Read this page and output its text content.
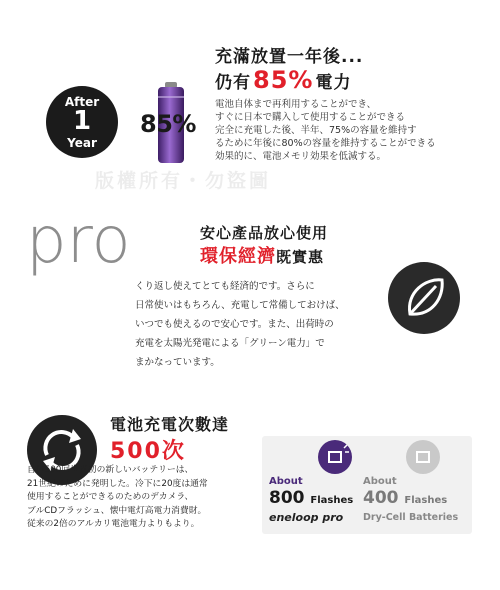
After
1
Year
85%
充滿放置一年後...
仍有85% 電力
電池自体まで再利用することができ、
すぐに日本で購入して使用することができる
完全に充電した後、半年、75%の容量を維持す
るために年後に80%の容量を維持することができる
効果的に、電池メモリ効果を低減する。
版權所有・勿盜圖
pro	安心產品放心使用
環保經濟既實惠
くり返し使えてとても経済的です。さらに
日常使いはもちろん、充電して常備しておけば、
いつでも使えるので安心です。また、出荷時の
充電を太陽光発電による「グリーン電力」で
まかなっています。
電池充電次數達
500次
自体500回世界初の新しいバッテリーは、
21世紀のために発明した。冷下に20度は通常
使用することができるのためのデカメラ、
ブルCDフラッシュ、懐中電灯高電力消費財。
従来の2倍のアルカリ電池電力よりもより。
About	About
800 Flashes 400 Flashes
eneloop pro Dry-Cell Batteries
